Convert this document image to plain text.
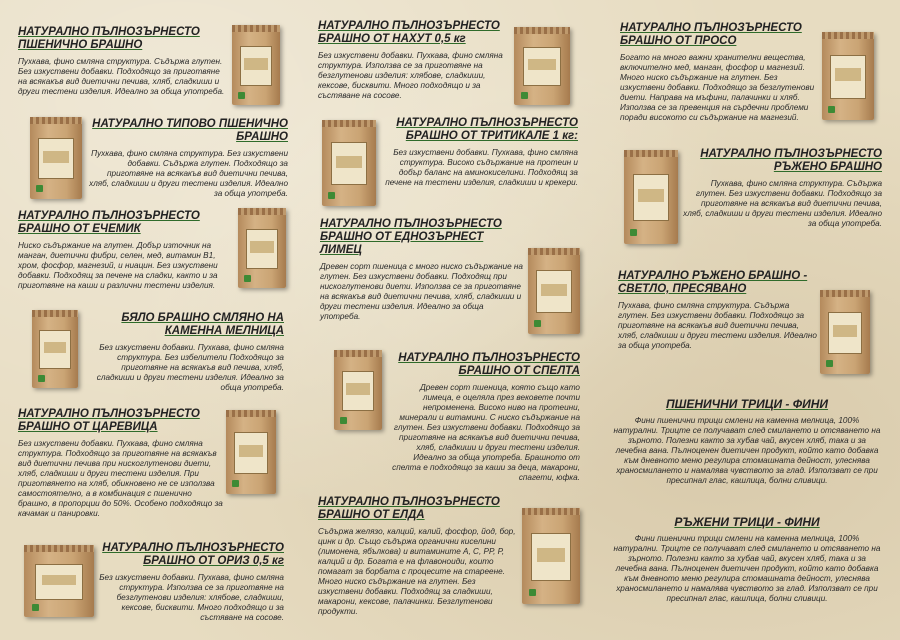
НАТУРАЛНО ПЪЛНОЗЪРНЕСТО ПШЕНИЧНО БРАШНО
Пухкава, фино смляна структура. Съдържа глутен. Без изкуствени добавки. Подходящо за приготвяне на всякакъв вид диетични печива, хляб, сладкиши и други тестени изделия. Идеално за обща употреба.
НАТУРАЛНО ТИПОВО ПШЕНИЧНО БРАШНО
Пухкава, фино смляна структура. Без изкуствени добавки. Съдържа глутен. Подходящо за приготвяне на всякакъв вид диетични печива, хляб, сладкиши и други тестени изделия. Идеално за обща употреба.
НАТУРАЛНО ПЪЛНОЗЪРНЕСТО БРАШНО ОТ ЕЧЕМИК
Ниско съдържание на глутен. Добър източник на манган, диетични фибри, селен, мед, витамин B1, хром, фосфор, магнезий, и ниацин. Без изкуствени добавки. Подходящ за печене на сладки, както и за приготвяне на каши и различни тестени изделия.
БЯЛО БРАШНО СМЛЯНО НА КАМЕННА МЕЛНИЦА
Без изкуствени добавки. Пухкава, фино смляна структура. Без избелители Подходящо за приготвяне на всякакъв вид печива, хляб, сладкиши и други тестени изделия. Идеално за обща употреба.
НАТУРАЛНО ПЪЛНОЗЪРНЕСТО БРАШНО ОТ ЦАРЕВИЦА
Без изкуствени добавки. Пухкава, фино смляна структура. Подходящо за приготвяне на всякакъв вид диетични печива при нискоглутенови диети, хляб, сладкиши и други тестени изделия. При приготвянето на хляб, обикновено не се използва самостоятелно, а в комбинация с пшенично брашно, в пропорции до 50%. Особено подходящо за качамак и панировки.
НАТУРАЛНО ПЪЛНОЗЪРНЕСТО БРАШНО ОТ ОРИЗ 0,5 кг
Без изкуствени добавки. Пухкава, фино смляна структура. Използва се за приготвяне на безглутенови изделия: хлябове, сладкиши, кексове, бисквити. Много подходящо и за състяване на сосове.
НАТУРАЛНО ПЪЛНОЗЪРНЕСТО БРАШНО ОТ НАХУТ 0,5 кг
Без изкуствени добавки. Пухкава, фино смляна структура. Използва се за приготвяне на безглутенови изделия: хлябове, сладкиши, кексове, бисквити. Много подходящо и за състяване на сосове.
НАТУРАЛНО ПЪЛНОЗЪРНЕСТО БРАШНО ОТ ТРИТИКАЛЕ 1 кг:
Без изкуствени добавки. Пухкава, фино смляна структура. Високо съдържание на протеин и добър баланс на аминокиселини. Подходящ за печене на тестени изделия, сладкиши и крекери.
НАТУРАЛНО ПЪЛНОЗЪРНЕСТО БРАШНО ОТ ЕДНОЗЪРНЕСТ ЛИМЕЦ
Древен сорт пшеница с много ниско съдържание на глутен. Без изкуствени добавки. Подходящ при нискоглутенови диети. Използва се за приготвяне на всякакъв вид диетични печива, хляб, сладкиши и други тестени изделия. Идеално за обща употреба.
НАТУРАЛНО ПЪЛНОЗЪРНЕСТО БРАШНО ОТ СПЕЛТА
Древен сорт пшеница, която също като лимеца, е оцеляла през вековете почти непроменена. Високо ниво на протеини, минерали и витамини. С ниско съдържание на глутен. Без изкуствени добавки. Подходящо за приготвяне на всякакъв вид диетични печива, хляб, сладкиши и други тестени изделия. Идеално за обща употреба. Брашното от спелта е подходящо за каши за деца, макарони, спагети, юфка.
НАТУРАЛНО ПЪЛНОЗЪРНЕСТО БРАШНО ОТ ЕЛДА
Съдържа желязо, калций, калий, фосфор, йод, бор, цинк и др. Също съдържа органични киселини (лимонена, ябълкова) и витамините А, С, РР, Р, калций и др. Богата е на флавоноиди, които помагат за борбата с процесите на стареене. Много ниско съдържание на глутен. Без изкуствени добавки. Подходящ за сладкиши, макарони, кексове, палачинки. Безглутенови продукти.
НАТУРАЛНО ПЪЛНОЗЪРНЕСТО БРАШНО ОТ ПРОСО
Богато на много важни хранителни вещества, включително мед, манган, фосфор и магнезий. Много ниско съдържание на глутен. Без изкуствени добавки. Подходящо за безглутенови диети. Направа на мъфини, палачинки и хляб. Използва се за превенция на сърдечни проблеми поради високото си съдържание на магнезий.
НАТУРАЛНО ПЪЛНОЗЪРНЕСТО РЪЖЕНО БРАШНО
Пухкава, фино смляна структура. Съдържа глутен. Без изкуствени добавки. Подходящо за приготвяне на всякакъв вид диетични печива, хляб, сладкиши и други тестени изделия. Идеално за обща употреба.
НАТУРАЛНО РЪЖЕНО БРАШНО - СВЕТЛО, ПРЕСЯВАНО
Пухкава, фино смляна структура. Съдържа глутен. Без изкуствени добавки. Подходящо за приготвяне на всякакъв вид диетични печива, хляб, сладкиши и други тестени изделия. Идеално за обща употреба.
ПШЕНИЧНИ ТРИЦИ - ФИНИ
Фини пшенични трици смлени на каменна мелница, 100% натурални. Трицте се получават след смилането и отсяването на зърното. Полезни както за хубав чай, вкусен хляб, така и за лечебна вана. Пълноценен диетичен продукт, който като добавка към дневното меню регулира стомашната дейност, улеснява храносмилането и намалява чувството за глад. Използват се при пресипнал глас, кашлица, болни сливици.
РЪЖЕНИ ТРИЦИ - ФИНИ
Фини пшенични трици смлени на каменна мелница, 100% натурални. Трицте се получават след смилането и отсяването на зърното. Полезни както за хубав чай, вкусен хляб, така и за лечебна вана. Пълноценен диетичен продукт, който като добавка към дневното меню регулира стомашната дейност, улеснява храносмилането и намалява чувството за глад. Използват се при пресипнал глас, кашлица, болни сливици.
